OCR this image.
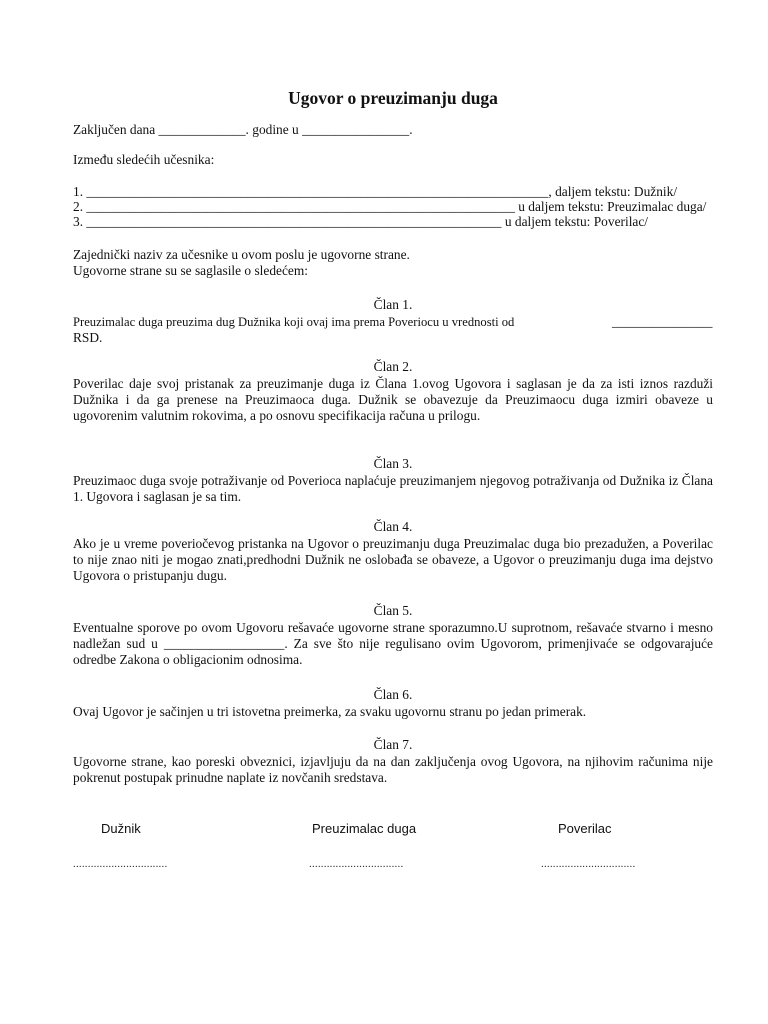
Ugovor o preuzimanju duga
Zaključen dana _____________. godine u ________________.
Između sledećih učesnika:
1. _____________________________________________________________________, daljem tekstu: Dužnik/
2. ________________________________________________________________ u daljem tekstu: Preuzimalac duga/
3. ______________________________________________________________ u daljem tekstu: Poverilac/
Zajednički naziv za učesnike u ovom poslu je ugovorne strane.
Ugovorne strane su se saglasile o sledećem:
Član 1.
Preuzimalac duga preuzima dug Dužnika koji ovaj ima prema Poveriocu u vrednosti od	_______________
RSD.
Član 2.
Poverilac daje svoj pristanak za preuzimanje duga iz Člana 1.ovog Ugovora i saglasan je da za isti iznos razduži Dužnika i da ga prenese na Preuzimaoca duga. Dužnik se obavezuje da Preuzimaocu duga izmiri obaveze u ugovorenim valutnim rokovima, a po osnovu specifikacija računa u prilogu.
Član 3.
Preuzimaoc duga svoje potraživanje od Poverioca naplaćuje preuzimanjem njegovog potraživanja od Dužnika iz Člana 1. Ugovora i saglasan je sa tim.
Član 4.
Ako je u vreme poveriočevog pristanka na Ugovor o preuzimanju duga Preuzimalac duga bio prezadužen, a Poverilac to nije znao niti je mogao znati,predhodni Dužnik ne oslobađa se obaveze, a Ugovor o preuzimanju duga ima dejstvo Ugovora o pristupanju dugu.
Član 5.
Eventualne sporove po ovom Ugovoru rešavaće ugovorne strane sporazumno.U suprotnom, rešavaće stvarno i mesno nadležan sud u __________________. Za sve što nije regulisano ovim Ugovorom, primenjivaće se odgovarajuće odredbe Zakona o obligacionim odnosima.
Član 6.
Ovaj Ugovor je sačinjen u tri istovetna preimerka, za svaku ugovornu stranu po jedan primerak.
Član 7.
Ugovorne strane, kao poreski obveznici, izjavljuju da na dan zaključenja ovog Ugovora, na njihovim računima nije pokrenut postupak prinudne naplate iz novčanih sredstava.
Dužnik	Preuzimalac duga	Poverilac
................................	................................	................................
